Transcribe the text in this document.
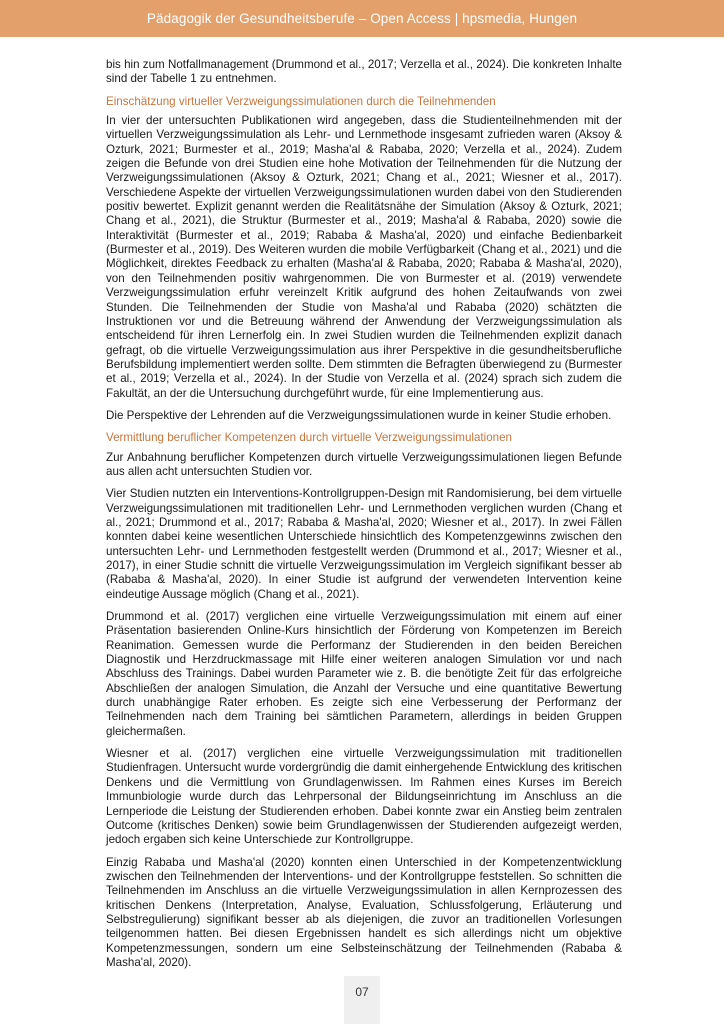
Pädagogik der Gesundheitsberufe – Open Access | hpsmedia, Hungen

bis hin zum Notfallmanagement (Drummond et al., 2017; Verzella et al., 2024). Die konkreten Inhalte sind der Tabelle 1 zu entnehmen.

Einschätzung virtueller Verzweigungssimulationen durch die Teilnehmenden

In vier der untersuchten Publikationen wird angegeben, dass die Studienteilnehmenden mit der virtuellen Verzweigungssimulation als Lehr- und Lernmethode insgesamt zufrieden waren (Aksoy & Ozturk, 2021; Burmester et al., 2019; Masha'al & Rababa, 2020; Verzella et al., 2024). Zudem zeigen die Befunde von drei Studien eine hohe Motivation der Teilnehmenden für die Nutzung der Verzweigungssimulationen (Aksoy & Ozturk, 2021; Chang et al., 2021; Wiesner et al., 2017). Verschiedene Aspekte der virtuellen Verzweigungssimulationen wurden dabei von den Studierenden positiv bewertet. Explizit genannt werden die Realitätsnähe der Simulation (Aksoy & Ozturk, 2021; Chang et al., 2021), die Struktur (Burmester et al., 2019; Masha'al & Rababa, 2020) sowie die Interaktivität (Burmester et al., 2019; Rababa & Masha'al, 2020) und einfache Bedienbarkeit (Burmester et al., 2019). Des Weiteren wurden die mobile Verfügbarkeit (Chang et al., 2021) und die Möglichkeit, direktes Feedback zu erhalten (Masha'al & Rababa, 2020; Rababa & Masha'al, 2020), von den Teilnehmenden positiv wahrgenommen. Die von Burmester et al. (2019) verwendete Verzweigungssimulation erfuhr vereinzelt Kritik aufgrund des hohen Zeitaufwands von zwei Stunden. Die Teilnehmenden der Studie von Masha'al und Rababa (2020) schätzten die Instruktionen vor und die Betreuung während der Anwendung der Verzweigungssimulation als entscheidend für ihren Lernerfolg ein. In zwei Studien wurden die Teilnehmenden explizit danach gefragt, ob die virtuelle Verzweigungssimulation aus ihrer Perspektive in die gesundheitsberufliche Berufsbildung implementiert werden sollte. Dem stimmten die Befragten überwiegend zu (Burmester et al., 2019; Verzella et al., 2024). In der Studie von Verzella et al. (2024) sprach sich zudem die Fakultät, an der die Untersuchung durchgeführt wurde, für eine Implementierung aus.

Die Perspektive der Lehrenden auf die Verzweigungssimulationen wurde in keiner Studie erhoben.

Vermittlung beruflicher Kompetenzen durch virtuelle Verzweigungssimulationen

Zur Anbahnung beruflicher Kompetenzen durch virtuelle Verzweigungssimulationen liegen Befunde aus allen acht untersuchten Studien vor.

Vier Studien nutzten ein Interventions-Kontrollgruppen-Design mit Randomisierung, bei dem virtuelle Verzweigungssimulationen mit traditionellen Lehr- und Lernmethoden verglichen wurden (Chang et al., 2021; Drummond et al., 2017; Rababa & Masha'al, 2020; Wiesner et al., 2017). In zwei Fällen konnten dabei keine wesentlichen Unterschiede hinsichtlich des Kompetenzgewinns zwischen den untersuchten Lehr- und Lernmethoden festgestellt werden (Drummond et al., 2017; Wiesner et al., 2017), in einer Studie schnitt die virtuelle Verzweigungssimulation im Vergleich signifikant besser ab (Rababa & Masha'al, 2020). In einer Studie ist aufgrund der verwendeten Intervention keine eindeutige Aussage möglich (Chang et al., 2021).

Drummond et al. (2017) verglichen eine virtuelle Verzweigungssimulation mit einem auf einer Präsentation basierenden Online-Kurs hinsichtlich der Förderung von Kompetenzen im Bereich Reanimation. Gemessen wurde die Performanz der Studierenden in den beiden Bereichen Diagnostik und Herzdruckmassage mit Hilfe einer weiteren analogen Simulation vor und nach Abschluss des Trainings. Dabei wurden Parameter wie z. B. die benötigte Zeit für das erfolgreiche Abschließen der analogen Simulation, die Anzahl der Versuche und eine quantitative Bewertung durch unabhängige Rater erhoben. Es zeigte sich eine Verbesserung der Performanz der Teilnehmenden nach dem Training bei sämtlichen Parametern, allerdings in beiden Gruppen gleichermaßen.

Wiesner et al. (2017) verglichen eine virtuelle Verzweigungssimulation mit traditionellen Studienfragen. Untersucht wurde vordergründig die damit einhergehende Entwicklung des kritischen Denkens und die Vermittlung von Grundlagenwissen. Im Rahmen eines Kurses im Bereich Immunbiologie wurde durch das Lehrpersonal der Bildungseinrichtung im Anschluss an die Lernperiode die Leistung der Studierenden erhoben. Dabei konnte zwar ein Anstieg beim zentralen Outcome (kritisches Denken) sowie beim Grundlagenwissen der Studierenden aufgezeigt werden, jedoch ergaben sich keine Unterschiede zur Kontrollgruppe.

Einzig Rababa und Masha'al (2020) konnten einen Unterschied in der Kompetenzentwicklung zwischen den Teilnehmenden der Interventions- und der Kontrollgruppe feststellen. So schnitten die Teilnehmenden im Anschluss an die virtuelle Verzweigungssimulation in allen Kernprozessen des kritischen Denkens (Interpretation, Analyse, Evaluation, Schlussfolgerung, Erläuterung und Selbstregulierung) signifikant besser ab als diejenigen, die zuvor an traditionellen Vorlesungen teilgenommen hatten. Bei diesen Ergebnissen handelt es sich allerdings nicht um objektive Kompetenzmessungen, sondern um eine Selbsteinschätzung der Teilnehmenden (Rababa & Masha'al, 2020).

07
